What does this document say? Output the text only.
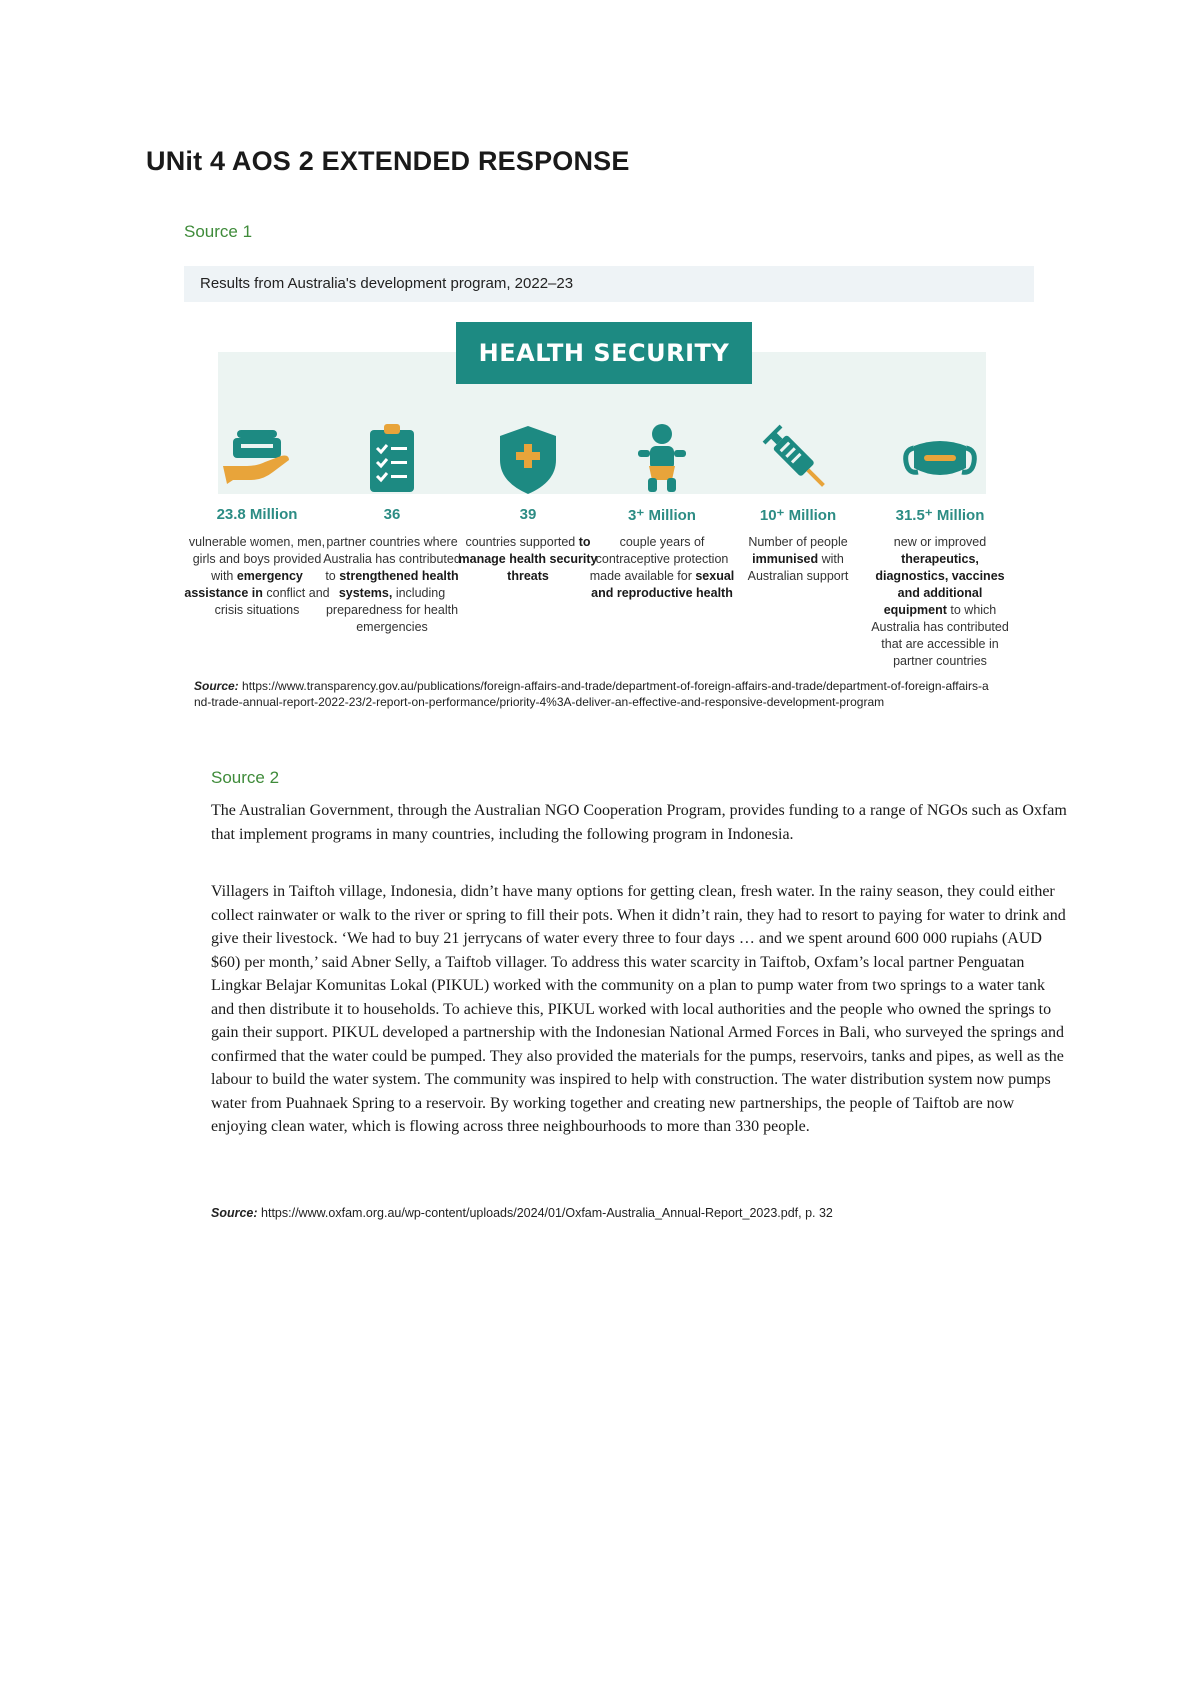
UNit 4 AOS 2 EXTENDED RESPONSE
Source 1
Results from Australia's development program, 2022–23
HEALTH SECURITY
23.8 Million
vulnerable women, men, girls and boys provided with emergency assistance in conflict and crisis situations
36
partner countries where Australia has contributed to strengthened health systems, including preparedness for health emergencies
39
countries supported to manage health security threats
3⁺ Million
couple years of contraceptive protection made available for sexual and reproductive health
10⁺ Million
Number of people immunised with Australian support
31.5⁺ Million
new or improved therapeutics, diagnostics, vaccines and additional equipment to which Australia has contributed that are accessible in partner countries
Source: https://www.transparency.gov.au/publications/foreign-affairs-and-trade/department-of-foreign-affairs-and-trade/department-of-foreign-affairs-and-trade-annual-report-2022-23/2-report-on-performance/priority-4%3A-deliver-an-effective-and-responsive-development-program
Source 2
The Australian Government, through the Australian NGO Cooperation Program, provides funding to a range of NGOs such as Oxfam that implement programs in many countries, including the following program in Indonesia.
Villagers in Taiftoh village, Indonesia, didn’t have many options for getting clean, fresh water. In the rainy season, they could either collect rainwater or walk to the river or spring to fill their pots. When it didn’t rain, they had to resort to paying for water to drink and give their livestock. ‘We had to buy 21 jerrycans of water every three to four days … and we spent around 600 000 rupiahs (AUD $60) per month,’ said Abner Selly, a Taiftob villager. To address this water scarcity in Taiftob, Oxfam’s local partner Penguatan Lingkar Belajar Komunitas Lokal (PIKUL) worked with the community on a plan to pump water from two springs to a water tank and then distribute it to households. To achieve this, PIKUL worked with local authorities and the people who owned the springs to gain their support. PIKUL developed a partnership with the Indonesian National Armed Forces in Bali, who surveyed the springs and confirmed that the water could be pumped. They also provided the materials for the pumps, reservoirs, tanks and pipes, as well as the labour to build the water system. The community was inspired to help with construction. The water distribution system now pumps water from Puahnaek Spring to a reservoir. By working together and creating new partnerships, the people of Taiftob are now enjoying clean water, which is flowing across three neighbourhoods to more than 330 people.
Source: https://www.oxfam.org.au/wp-content/uploads/2024/01/Oxfam-Australia_Annual-Report_2023.pdf, p. 32
